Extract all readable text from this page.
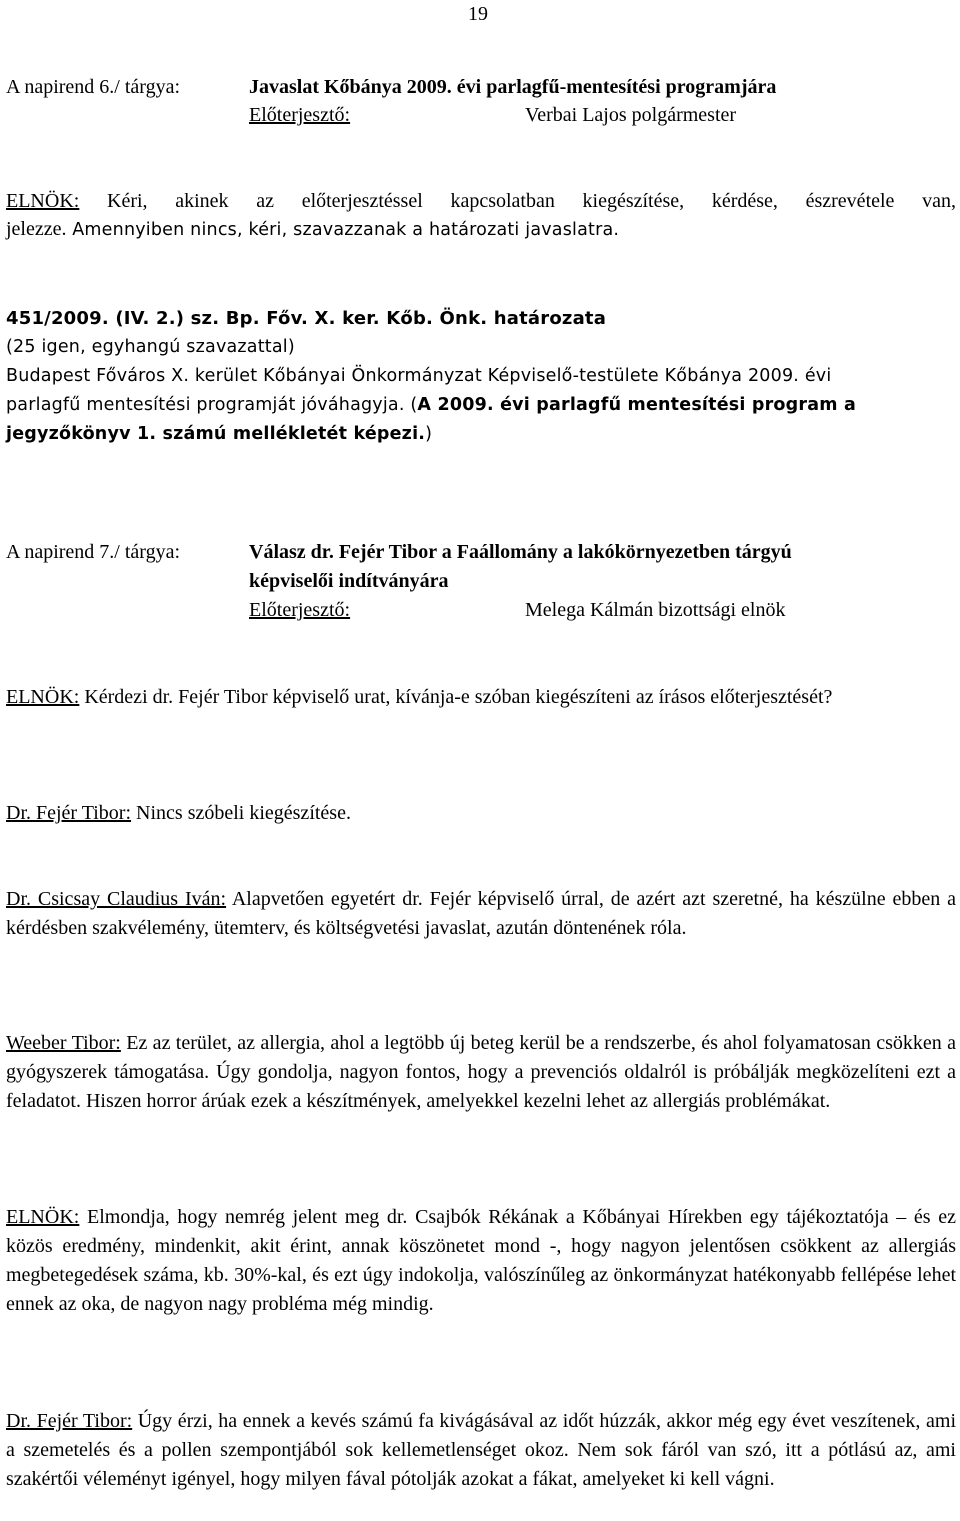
19
A napirend 6./ tárgya:	Javaslat Kőbánya 2009. évi parlagfű-mentesítési programjára
Előterjesztő:	Verbai Lajos polgármester
ELNÖK: Kéri, akinek az előterjesztéssel kapcsolatban kiegészítése, kérdése, észrevétele van,
jelezze. Amennyiben nincs, kéri, szavazzanak a határozati javaslatra.
451/2009. (IV. 2.) sz. Bp. Főv. X. ker. Kőb. Önk. határozata
(25 igen, egyhangú szavazattal)
Budapest Főváros X. kerület Kőbányai Önkormányzat Képviselő-testülete Kőbánya 2009. évi
parlagfű mentesítési programját jóváhagyja. (A 2009. évi parlagfű mentesítési program a
jegyzőkönyv 1. számú mellékletét képezi.)
A napirend 7./ tárgya:	Válasz dr. Fejér Tibor a Faállomány a lakókörnyezetben tárgyú
képviselői indítványára
Előterjesztő:	Melega Kálmán bizottsági elnök
ELNÖK: Kérdezi dr. Fejér Tibor képviselő urat, kívánja-e szóban kiegészíteni az írásos előterjesztését?
Dr. Fejér Tibor: Nincs szóbeli kiegészítése.
Dr. Csicsay Claudius Iván: Alapvetően egyetért dr. Fejér képviselő úrral, de azért azt szeretné, ha készülne ebben a kérdésben szakvélemény, ütemterv, és költségvetési javaslat, azután döntenének róla.
Weeber Tibor: Ez az terület, az allergia, ahol a legtöbb új beteg kerül be a rendszerbe, és ahol folyamatosan csökken a gyógyszerek támogatása. Úgy gondolja, nagyon fontos, hogy a prevenciós oldalról is próbálják megközelíteni ezt a feladatot. Hiszen horror árúak ezek a készítmények, amelyekkel kezelni lehet az allergiás problémákat.
ELNÖK: Elmondja, hogy nemrég jelent meg dr. Csajbók Rékának a Kőbányai Hírekben egy tájékoztatója – és ez közös eredmény, mindenkit, akit érint, annak köszönetet mond -, hogy nagyon jelentősen csökkent az allergiás megbetegedések száma, kb. 30%-kal, és ezt úgy indokolja, valószínűleg az önkormányzat hatékonyabb fellépése lehet ennek az oka, de nagyon nagy probléma még mindig.
Dr. Fejér Tibor: Úgy érzi, ha ennek a kevés számú fa kivágásával az időt húzzák, akkor még egy évet veszítenek, ami a szemetelés és a pollen szempontjából sok kellemetlenséget okoz. Nem sok fáról van szó, itt a pótlású az, ami szakértői véleményt igényel, hogy milyen fával pótolják azokat a fákat, amelyeket ki kell vágni.
